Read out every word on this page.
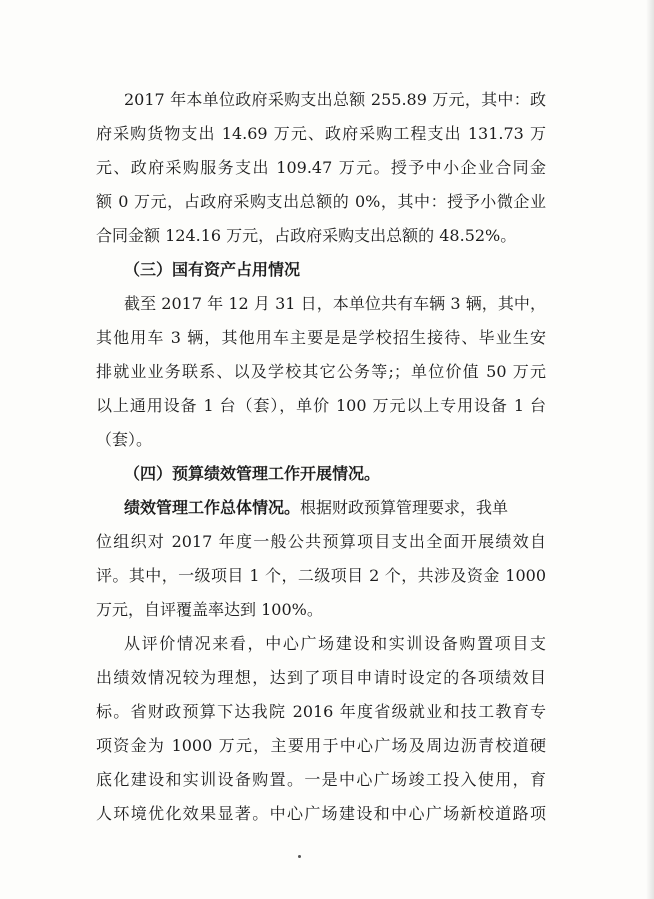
2017 年本单位政府采购支出总额 255.89 万元，其中：政
府采购货物支出 14.69 万元、政府采购工程支出 131.73 万
元、政府采购服务支出 109.47 万元。授予中小企业合同金
额 0 万元，占政府采购支出总额的 0%，其中：授予小微企业
合同金额 124.16 万元，占政府采购支出总额的 48.52%。
（三）国有资产占用情况
截至 2017 年 12 月 31 日，本单位共有车辆 3 辆，其中，
其他用车 3 辆，其他用车主要是是学校招生接待、毕业生安
排就业业务联系、以及学校其它公务等;；单位价值 50 万元
以上通用设备 1 台（套），单价 100 万元以上专用设备 1 台
（套）。
（四）预算绩效管理工作开展情况。
绩效管理工作总体情况。根据财政预算管理要求，我单
位组织对 2017 年度一般公共预算项目支出全面开展绩效自
评。其中，一级项目 1 个，二级项目 2 个，共涉及资金 1000
万元，自评覆盖率达到 100%。
从评价情况来看，中心广场建设和实训设备购置项目支
出绩效情况较为理想，达到了项目申请时设定的各项绩效目
标。省财政预算下达我院 2016 年度省级就业和技工教育专
项资金为 1000 万元，主要用于中心广场及周边沥青校道硬
底化建设和实训设备购置。一是中心广场竣工投入使用，育
人环境优化效果显著。中心广场建设和中心广场新校道路项
